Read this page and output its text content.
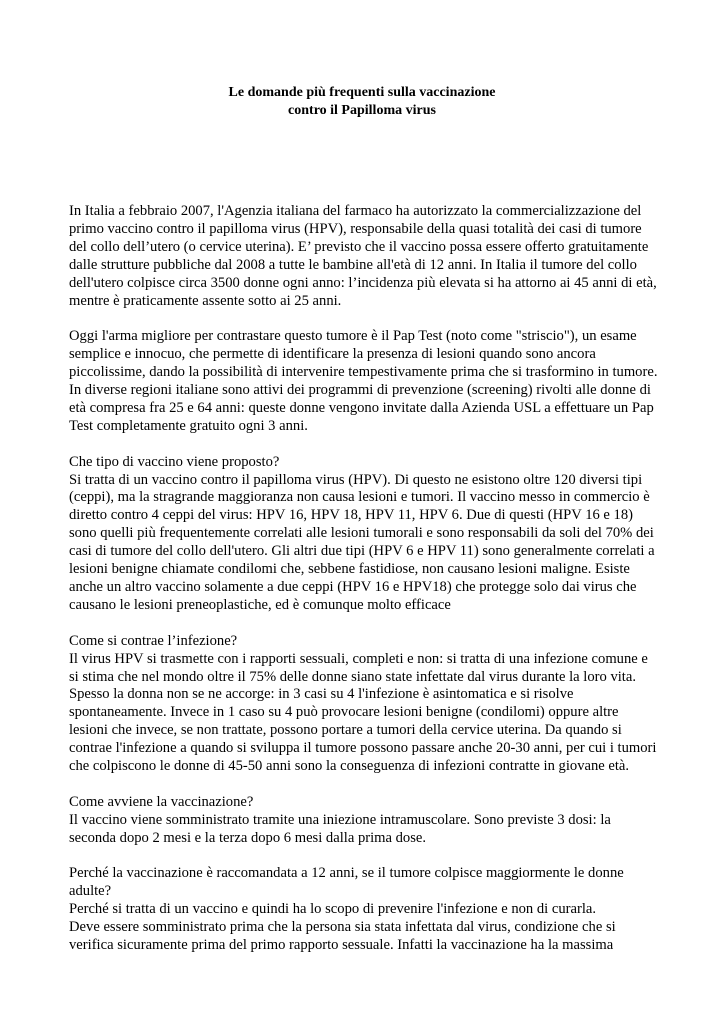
Le domande più frequenti sulla vaccinazione
contro il Papilloma virus

In Italia a febbraio 2007, l'Agenzia italiana del farmaco ha autorizzato la commercializzazione del primo vaccino contro il papilloma virus (HPV), responsabile della quasi totalità dei casi di tumore del collo dell’utero (o cervice uterina). E’ previsto che il vaccino possa essere offerto gratuitamente dalle strutture pubbliche dal 2008 a tutte le bambine all'età di 12 anni. In Italia il tumore del collo dell'utero colpisce circa 3500 donne ogni anno: l’incidenza più elevata si ha attorno ai 45 anni di età, mentre è praticamente assente sotto ai 25 anni.

Oggi l'arma migliore per contrastare questo tumore è il Pap Test (noto come "striscio"), un esame semplice e innocuo, che permette di identificare la presenza di lesioni quando sono ancora piccolissime, dando la possibilità di intervenire tempestivamente prima che si trasformino in tumore.

In diverse regioni italiane sono attivi dei programmi di prevenzione (screening) rivolti alle donne di età compresa fra 25 e 64 anni: queste donne vengono invitate dalla Azienda USL a effettuare un Pap Test completamente gratuito ogni 3 anni.

Che tipo di vaccino viene proposto?

Si tratta di un vaccino contro il papilloma virus (HPV). Di questo ne esistono oltre 120 diversi tipi (ceppi), ma la stragrande maggioranza non causa lesioni e tumori. Il vaccino messo in commercio è diretto contro 4 ceppi del virus: HPV 16, HPV 18, HPV 11, HPV 6. Due di questi (HPV 16 e 18) sono quelli più frequentemente correlati alle lesioni tumorali e sono responsabili da soli del 70% dei casi di tumore del collo dell'utero. Gli altri due tipi (HPV 6 e HPV 11) sono generalmente correlati a lesioni benigne chiamate condilomi che, sebbene fastidiose, non causano lesioni maligne. Esiste anche un altro vaccino solamente a due ceppi (HPV 16 e HPV18) che protegge solo dai virus che causano le lesioni preneoplastiche, ed è comunque molto efficace

Come si contrae l’infezione?

Il virus HPV si trasmette con i rapporti sessuali, completi e non: si tratta di una infezione comune e si stima che nel mondo oltre il 75% delle donne siano state infettate dal virus durante la loro vita. Spesso la donna non se ne accorge: in 3 casi su 4 l'infezione è asintomatica e si risolve spontaneamente. Invece in 1 caso su 4 può provocare lesioni benigne (condilomi) oppure altre lesioni che invece, se non trattate, possono portare a tumori della cervice uterina. Da quando si contrae l'infezione a quando si sviluppa il tumore possono passare anche 20-30 anni, per cui i tumori che colpiscono le donne di 45-50 anni sono la conseguenza di infezioni contratte in giovane età.

Come avviene la vaccinazione?

Il vaccino viene somministrato tramite una iniezione intramuscolare. Sono previste 3 dosi: la seconda dopo 2 mesi e la terza dopo 6 mesi dalla prima dose.

Perché la vaccinazione è raccomandata a 12 anni, se il tumore colpisce maggiormente le donne adulte?

Perché si tratta di un vaccino e quindi ha lo scopo di prevenire l'infezione e non di curarla.

Deve essere somministrato prima che la persona sia stata infettata dal virus, condizione che si verifica sicuramente prima del primo rapporto sessuale. Infatti la vaccinazione ha la massima
